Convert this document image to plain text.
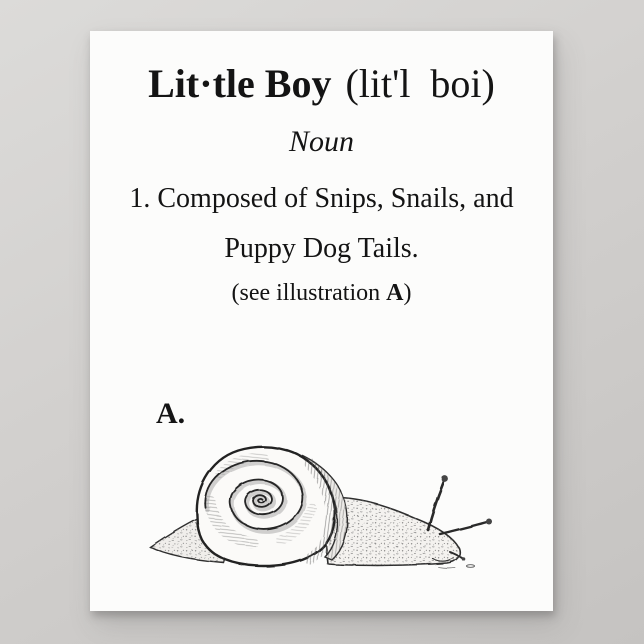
Lit·tle Boy (lit'l  boi)
Noun
1. Composed of Snips, Snails, and
Puppy Dog Tails.
(see illustration A)
A.
